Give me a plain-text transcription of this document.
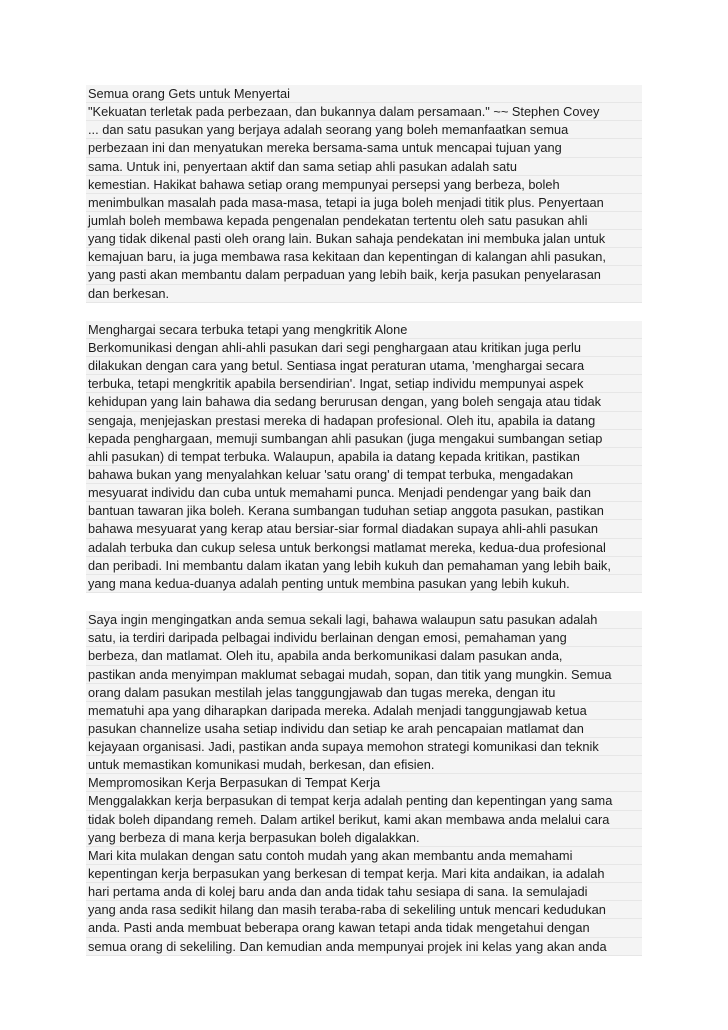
Semua orang Gets untuk Menyertai
"Kekuatan terletak pada perbezaan, dan bukannya dalam persamaan." ~~ Stephen Covey
... dan satu pasukan yang berjaya adalah seorang yang boleh memanfaatkan semua
perbezaan ini dan menyatukan mereka bersama-sama untuk mencapai tujuan yang
sama. Untuk ini, penyertaan aktif dan sama setiap ahli pasukan adalah satu
kemestian. Hakikat bahawa setiap orang mempunyai persepsi yang berbeza, boleh
menimbulkan masalah pada masa-masa, tetapi ia juga boleh menjadi titik plus. Penyertaan
jumlah boleh membawa kepada pengenalan pendekatan tertentu oleh satu pasukan ahli
yang tidak dikenal pasti oleh orang lain. Bukan sahaja pendekatan ini membuka jalan untuk
kemajuan baru, ia juga membawa rasa kekitaan dan kepentingan di kalangan ahli pasukan,
yang pasti akan membantu dalam perpaduan yang lebih baik, kerja pasukan penyelarasan
dan berkesan.
Menghargai secara terbuka tetapi yang mengkritik Alone
Berkomunikasi dengan ahli-ahli pasukan dari segi penghargaan atau kritikan juga perlu
dilakukan dengan cara yang betul. Sentiasa ingat peraturan utama, 'menghargai secara
terbuka, tetapi mengkritik apabila bersendirian'. Ingat, setiap individu mempunyai aspek
kehidupan yang lain bahawa dia sedang berurusan dengan, yang boleh sengaja atau tidak
sengaja, menjejaskan prestasi mereka di hadapan profesional. Oleh itu, apabila ia datang
kepada penghargaan, memuji sumbangan ahli pasukan (juga mengakui sumbangan setiap
ahli pasukan) di tempat terbuka. Walaupun, apabila ia datang kepada kritikan, pastikan
bahawa bukan yang menyalahkan keluar 'satu orang' di tempat terbuka, mengadakan
mesyuarat individu dan cuba untuk memahami punca. Menjadi pendengar yang baik dan
bantuan tawaran jika boleh. Kerana sumbangan tuduhan setiap anggota pasukan, pastikan
bahawa mesyuarat yang kerap atau bersiar-siar formal diadakan supaya ahli-ahli pasukan
adalah terbuka dan cukup selesa untuk berkongsi matlamat mereka, kedua-dua profesional
dan peribadi. Ini membantu dalam ikatan yang lebih kukuh dan pemahaman yang lebih baik,
yang mana kedua-duanya adalah penting untuk membina pasukan yang lebih kukuh.
Saya ingin mengingatkan anda semua sekali lagi, bahawa walaupun satu pasukan adalah
satu, ia terdiri daripada pelbagai individu berlainan dengan emosi, pemahaman yang
berbeza, dan matlamat. Oleh itu, apabila anda berkomunikasi dalam pasukan anda,
pastikan anda menyimpan maklumat sebagai mudah, sopan, dan titik yang mungkin. Semua
orang dalam pasukan mestilah jelas tanggungjawab dan tugas mereka, dengan itu
mematuhi apa yang diharapkan daripada mereka. Adalah menjadi tanggungjawab ketua
pasukan channelize usaha setiap individu dan setiap ke arah pencapaian matlamat dan
kejayaan organisasi. Jadi, pastikan anda supaya memohon strategi komunikasi dan teknik
untuk memastikan komunikasi mudah, berkesan, dan efisien.
Mempromosikan Kerja Berpasukan di Tempat Kerja
Menggalakkan kerja berpasukan di tempat kerja adalah penting dan kepentingan yang sama
tidak boleh dipandang remeh. Dalam artikel berikut, kami akan membawa anda melalui cara
yang berbeza di mana kerja berpasukan boleh digalakkan.
Mari kita mulakan dengan satu contoh mudah yang akan membantu anda memahami
kepentingan kerja berpasukan yang berkesan di tempat kerja. Mari kita andaikan, ia adalah
hari pertama anda di kolej baru anda dan anda tidak tahu sesiapa di sana. Ia semulajadi
yang anda rasa sedikit hilang dan masih teraba-raba di sekeliling untuk mencari kedudukan
anda. Pasti anda membuat beberapa orang kawan tetapi anda tidak mengetahui dengan
semua orang di sekeliling. Dan kemudian anda mempunyai projek ini kelas yang akan anda
